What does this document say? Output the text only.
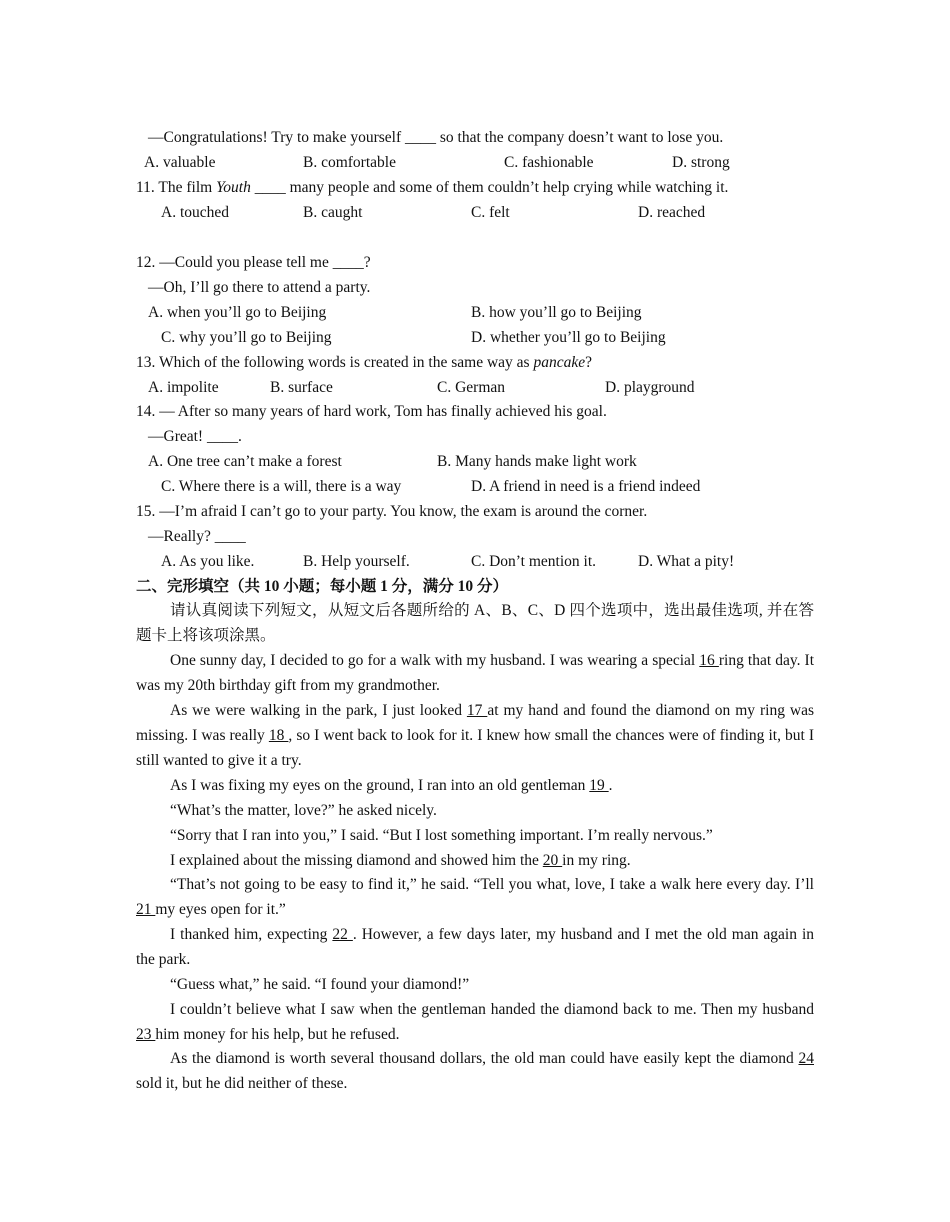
—Congratulations! Try to make yourself ____ so that the company doesn’t want to lose you.
A. valuable	B. comfortable	C. fashionable	D. strong
11. The film Youth ____ many people and some of them couldn’t help crying while watching it.
A. touched	B. caught	C. felt	D. reached
12. —Could you please tell me ____?
—Oh, I’ll go there to attend a party.
A. when you’ll go to Beijing	B. how you’ll go to Beijing
C. why you’ll go to Beijing	D. whether you’ll go to Beijing
13. Which of the following words is created in the same way as pancake?
A. impolite	B. surface	C. German	D. playground
14. — After so many years of hard work, Tom has finally achieved his goal.
—Great! ____.
A. One tree can’t make a forest	B. Many hands make light work
C. Where there is a will, there is a way	D. A friend in need is a friend indeed
15. —I’m afraid I can’t go to your party. You know, the exam is around the corner.
—Really? ____
A. As you like.	B. Help yourself.	C. Don’t mention it.	D. What a pity!
二、完形填空（共 10 小题；每小题 1 分，满分 10 分）
请认真阅读下列短文，从短文后各题所给的 A、B、C、D 四个选项中，选出最佳选项, 并在答题卡上将该项涂黑。
One sunny day, I decided to go for a walk with my husband. I was wearing a special 16 ring that day. It was my 20th birthday gift from my grandmother.
As we were walking in the park, I just looked 17 at my hand and found the diamond on my ring was missing. I was really 18 , so I went back to look for it. I knew how small the chances were of finding it, but I still wanted to give it a try.
As I was fixing my eyes on the ground, I ran into an old gentleman 19 .
“What’s the matter, love?” he asked nicely.
“Sorry that I ran into you,” I said. “But I lost something important. I’m really nervous.”
I explained about the missing diamond and showed him the 20 in my ring.
“That’s not going to be easy to find it,” he said. “Tell you what, love, I take a walk here every day. I’ll 21 my eyes open for it.”
I thanked him, expecting 22 . However, a few days later, my husband and I met the old man again in the park.
“Guess what,” he said. “I found your diamond!”
I couldn’t believe what I saw when the gentleman handed the diamond back to me. Then my husband 23 him money for his help, but he refused.
As the diamond is worth several thousand dollars, the old man could have easily kept the diamond 24 sold it, but he did neither of these.
